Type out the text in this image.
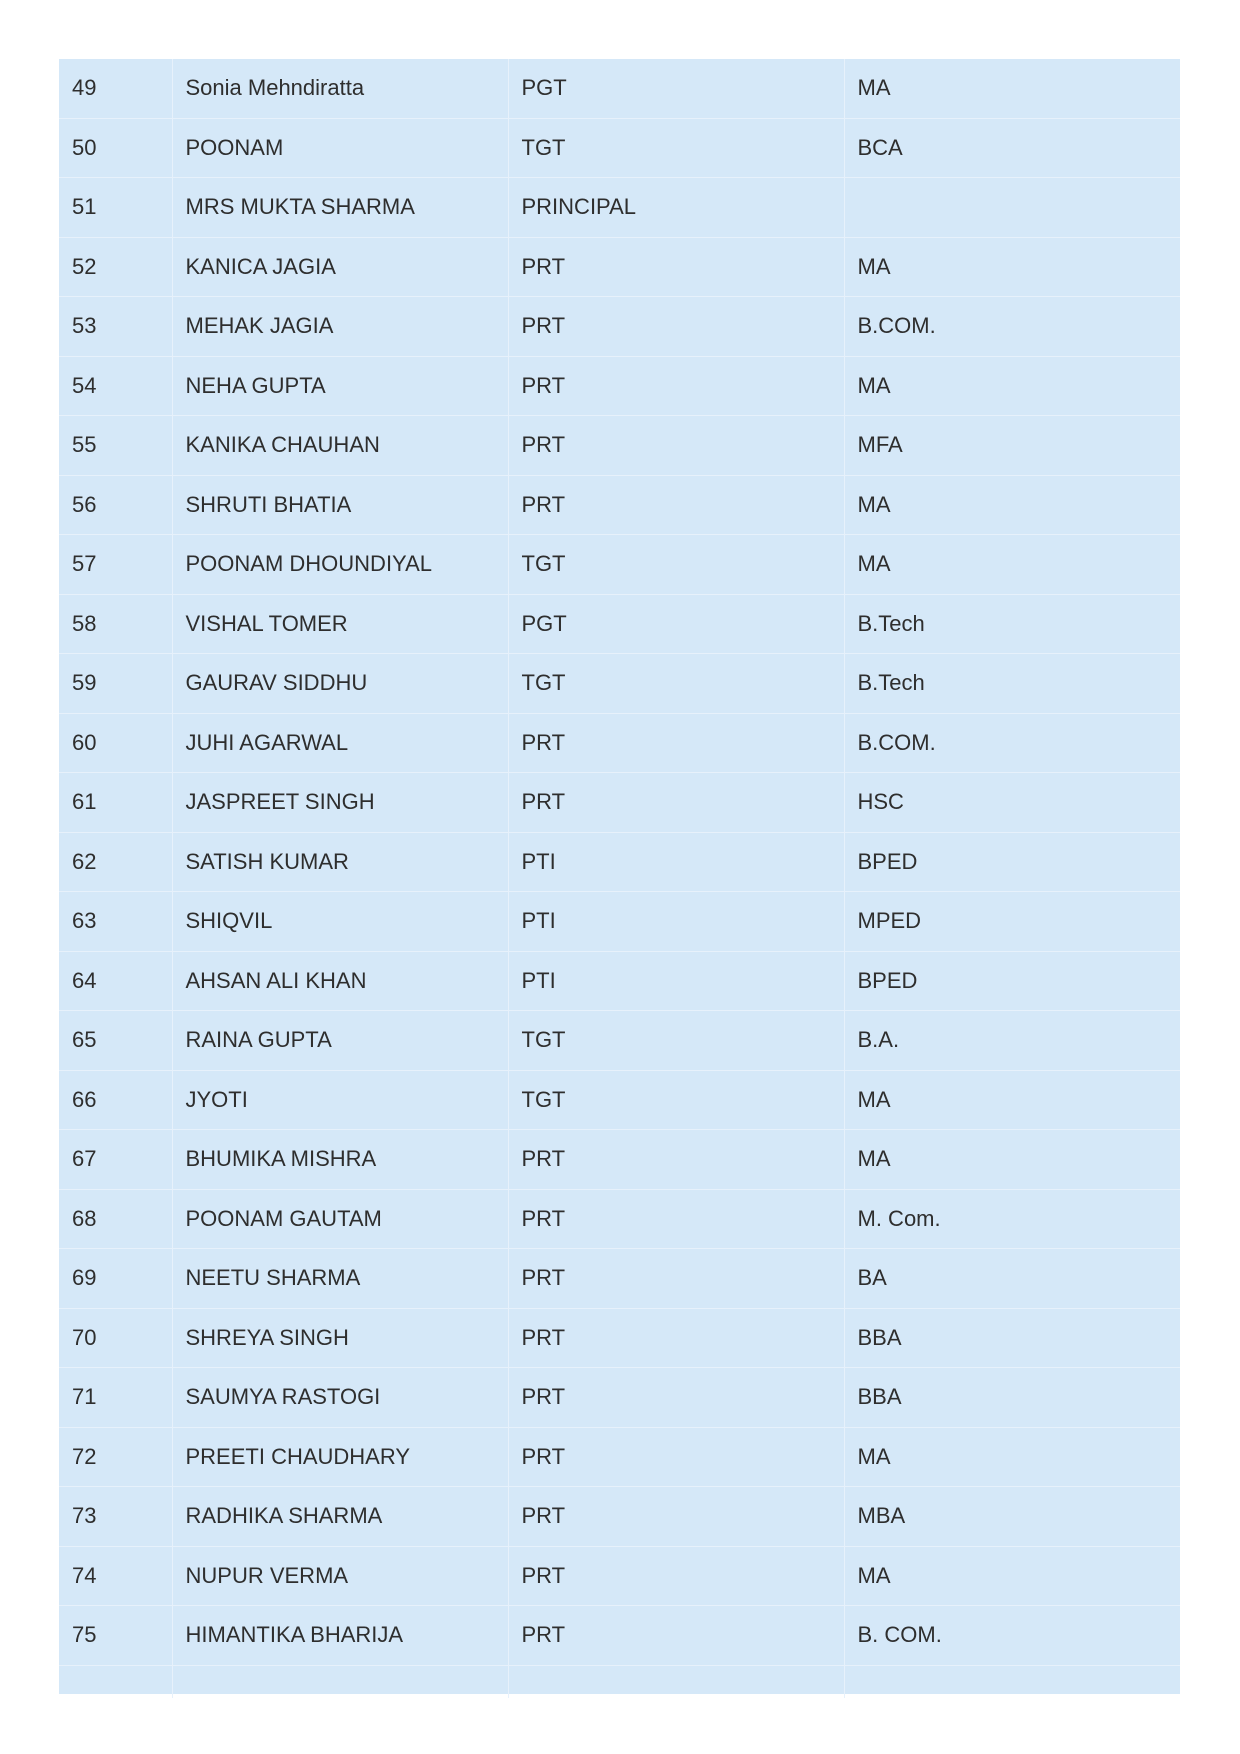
49	Sonia Mehndiratta	PGT	MA
50	POONAM	TGT	BCA
51	MRS MUKTA SHARMA	PRINCIPAL	
52	KANICA JAGIA	PRT	MA
53	MEHAK JAGIA	PRT	B.COM.
54	NEHA GUPTA	PRT	MA
55	KANIKA CHAUHAN	PRT	MFA
56	SHRUTI BHATIA	PRT	MA
57	POONAM DHOUNDIYAL	TGT	MA
58	VISHAL TOMER	PGT	B.Tech
59	GAURAV SIDDHU	TGT	B.Tech
60	JUHI AGARWAL	PRT	B.COM.
61	JASPREET SINGH	PRT	HSC
62	SATISH KUMAR	PTI	BPED
63	SHIQVIL	PTI	MPED
64	AHSAN ALI KHAN	PTI	BPED
65	RAINA GUPTA	TGT	B.A.
66	JYOTI	TGT	MA
67	BHUMIKA MISHRA	PRT	MA
68	POONAM GAUTAM	PRT	M. Com.
69	NEETU SHARMA	PRT	BA
70	SHREYA SINGH	PRT	BBA
71	SAUMYA RASTOGI	PRT	BBA
72	PREETI CHAUDHARY	PRT	MA
73	RADHIKA SHARMA	PRT	MBA
74	NUPUR VERMA	PRT	MA
75	HIMANTIKA BHARIJA	PRT	B. COM.
